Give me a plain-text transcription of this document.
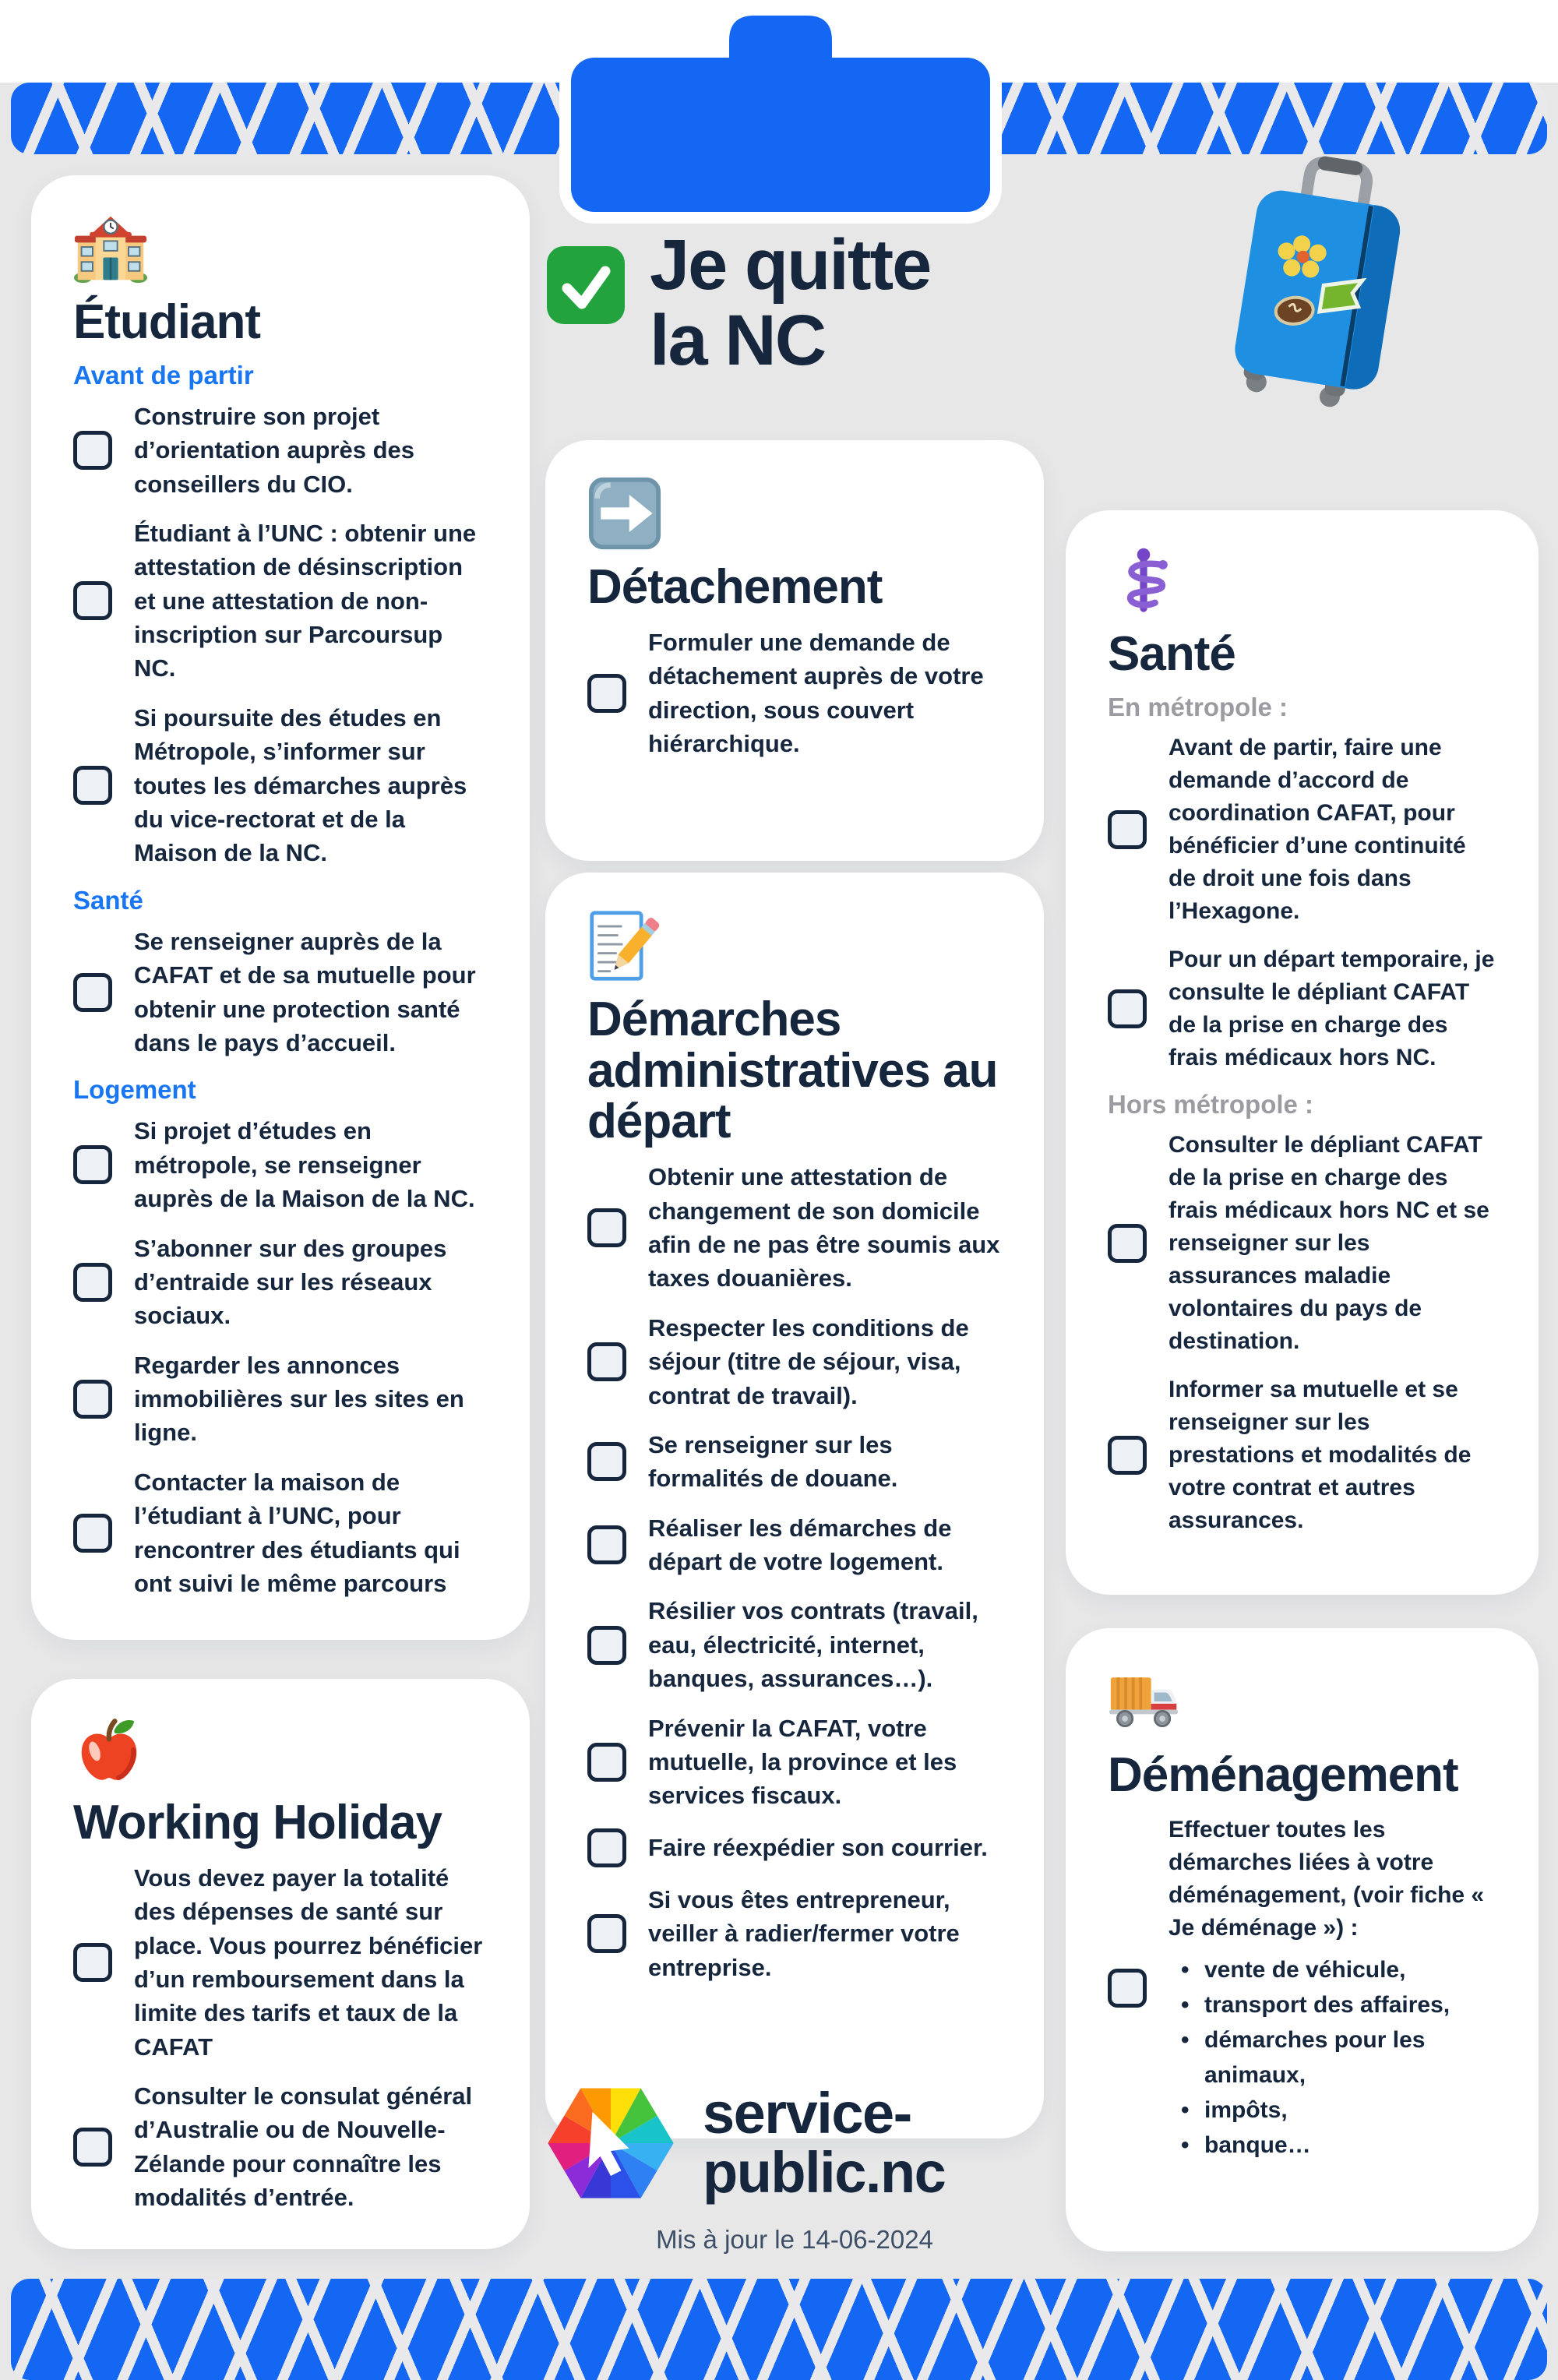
Je quitte
la NC
Étudiant
Avant de partir

Construire son projet d’orientation auprès des conseillers du CIO.

Étudiant à l’UNC : obtenir une attestation de désinscription et une attestation de non-inscription sur Parcoursup NC.

Si poursuite des études en Métropole, s’informer sur toutes les démarches auprès du vice-rectorat et de la Maison de la NC.

Santé

Se renseigner auprès de la CAFAT et de sa mutuelle pour obtenir une protection santé dans le pays d’accueil.

Logement

Si projet d’études en métropole, se renseigner auprès de la Maison de la NC.

S’abonner sur des groupes d’entraide sur les réseaux sociaux.

Regarder les annonces immobilières sur les sites en ligne.

Contacter la maison de l’étudiant à l’UNC, pour rencontrer des étudiants qui ont suivi le même parcours

Working Holiday

Vous devez payer la totalité des dépenses de santé sur place. Vous pourrez bénéficier d’un remboursement dans la limite des tarifs et taux de la CAFAT

Consulter le consulat général d’Australie ou de Nouvelle-Zélande pour connaître les modalités d’entrée.

Détachement

Formuler une demande de détachement auprès de votre direction, sous couvert hiérarchique.

Démarches administratives au départ

Obtenir une attestation de changement de son domicile afin de ne pas être soumis aux taxes douanières.

Respecter les conditions de séjour (titre de séjour, visa, contrat de travail).

Se renseigner sur les formalités de douane.

Réaliser les démarches de départ de votre logement.

Résilier vos contrats (travail, eau, électricité, internet, banques, assurances…).

Prévenir la CAFAT, votre mutuelle, la province et les services fiscaux.

Faire réexpédier son courrier.

Si vous êtes entrepreneur, veiller à radier/fermer votre entreprise.

Santé
En métropole :

Avant de partir, faire une demande d’accord de coordination CAFAT, pour bénéficier d’une continuité de droit une fois dans l’Hexagone.

Pour un départ temporaire, je consulte le dépliant CAFAT de la prise en charge des frais médicaux hors NC.

Hors métropole :

Consulter le dépliant CAFAT de la prise en charge des frais médicaux hors NC et se renseigner sur les assurances maladie volontaires du pays de destination.

Informer sa mutuelle et se renseigner sur les prestations et modalités de votre contrat et autres assurances.

Déménagement

Effectuer toutes les démarches liées à votre déménagement, (voir fiche « Je déménage ») :

• vente de véhicule,
• transport des affaires,
• démarches pour les animaux,
• impôts,
• banque…
service-
public.nc
Mis à jour le 14-06-2024
